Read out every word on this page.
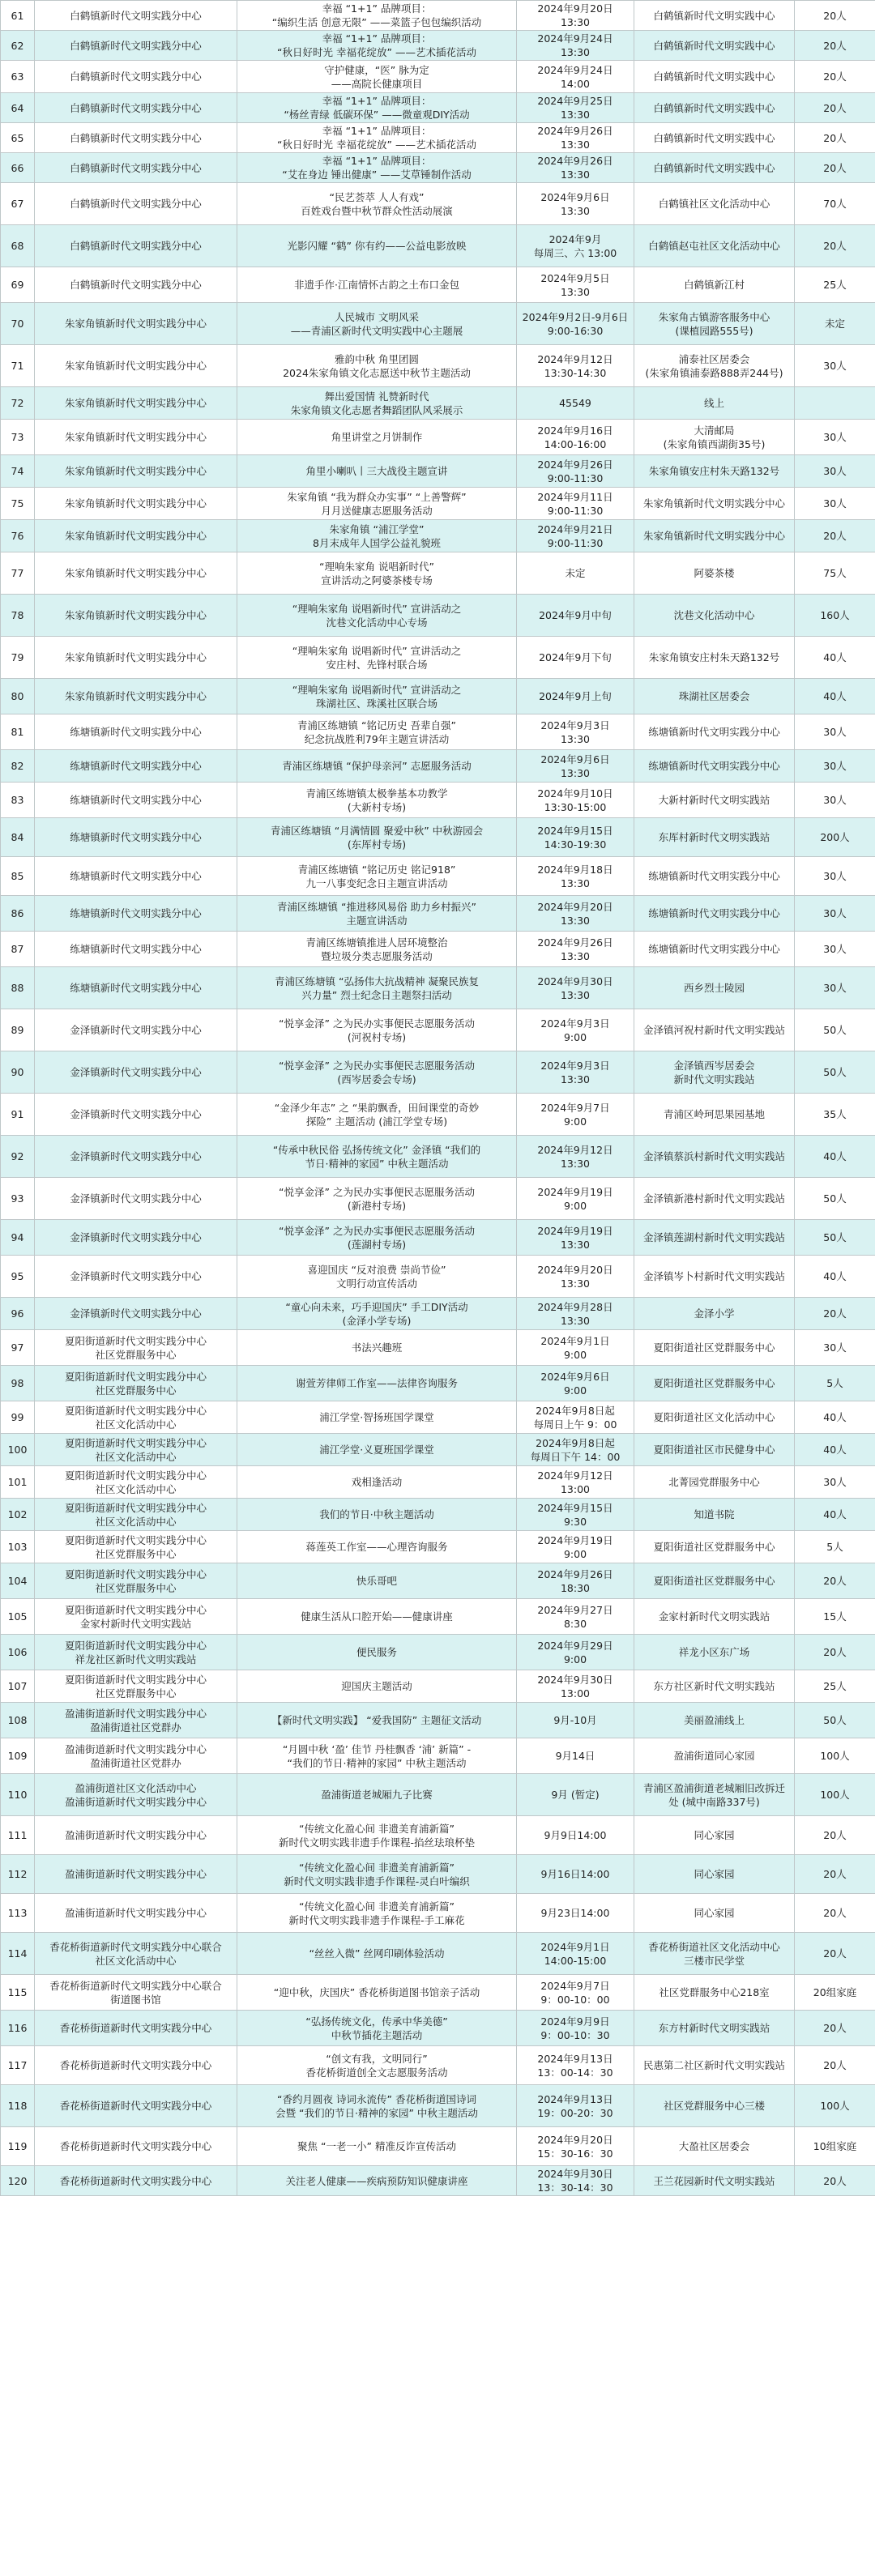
61	白鹤镇新时代文明实践分中心	幸福 “1+1” 品牌项目：
“编织生活 创意无限” ——菜篮子包包编织活动	2024年9月20日
13:30	白鹤镇新时代文明实践中心	20人
62	白鹤镇新时代文明实践分中心	幸福 “1+1” 品牌项目：
“秋日好时光 幸福花绽放” ——艺术插花活动	2024年9月24日
13:30	白鹤镇新时代文明实践中心	20人
63	白鹤镇新时代文明实践分中心	守护健康，“医” 脉为定
——高院长健康项目	2024年9月24日
14:00	白鹤镇新时代文明实践中心	20人
64	白鹤镇新时代文明实践分中心	幸福 “1+1” 品牌项目：
“杨丝青绿 低碳环保” ——微童观DIY活动	2024年9月25日
13:30	白鹤镇新时代文明实践中心	20人
65	白鹤镇新时代文明实践分中心	幸福 “1+1” 品牌项目：
“秋日好时光 幸福花绽放” ——艺术插花活动	2024年9月26日
13:30	白鹤镇新时代文明实践中心	20人
66	白鹤镇新时代文明实践分中心	幸福 “1+1” 品牌项目：
“艾在身边 锤出健康” ——艾草锤制作活动	2024年9月26日
13:30	白鹤镇新时代文明实践中心	20人
67	白鹤镇新时代文明实践分中心	“民艺荟萃 人人有戏”
百姓戏台暨中秋节群众性活动展演	2024年9月6日
13:30	白鹤镇社区文化活动中心	70人
68	白鹤镇新时代文明实践分中心	光影闪耀 “鹤” 你有约——公益电影放映	2024年9月
每周三、六 13:00	白鹤镇赵屯社区文化活动中心	20人
69	白鹤镇新时代文明实践分中心	非遗手作·江南情怀古韵之土布口金包	2024年9月5日
13:30	白鹤镇新江村	25人
70	朱家角镇新时代文明实践分中心	人民城市 文明风采
——青浦区新时代文明实践中心主题展	2024年9月2日-9月6日
9:00-16:30	朱家角古镇游客服务中心
(课植园路555号)	未定
71	朱家角镇新时代文明实践分中心	雅韵中秋 角里团圆
2024朱家角镇文化志愿送中秋节主题活动	2024年9月12日
13:30-14:30	浦泰社区居委会
(朱家角镇浦泰路888弄244号)	30人
72	朱家角镇新时代文明实践分中心	舞出爱国情 礼赞新时代
朱家角镇文化志愿者舞蹈团队风采展示	45549	线上	
73	朱家角镇新时代文明实践分中心	角里讲堂之月饼制作	2024年9月16日
14:00-16:00	大清邮局
(朱家角镇西湖街35号)	30人
74	朱家角镇新时代文明实践分中心	角里小喇叭丨三大战役主题宣讲	2024年9月26日
9:00-11:30	朱家角镇安庄村朱天路132号	30人
75	朱家角镇新时代文明实践分中心	朱家角镇 “我为群众办实事” “上善警辉”
月月送健康志愿服务活动	2024年9月11日
9:00-11:30	朱家角镇新时代文明实践分中心	30人
76	朱家角镇新时代文明实践分中心	朱家角镇 “浦江学堂”
8月末成年人国学公益礼貌班	2024年9月21日
9:00-11:30	朱家角镇新时代文明实践分中心	20人
77	朱家角镇新时代文明实践分中心	“理响朱家角 说唱新时代”
宣讲活动之阿婆茶楼专场	未定	阿婆茶楼	75人
78	朱家角镇新时代文明实践分中心	“理响朱家角 说唱新时代” 宣讲活动之
沈巷文化活动中心专场	2024年9月中旬	沈巷文化活动中心	160人
79	朱家角镇新时代文明实践分中心	“理响朱家角 说唱新时代” 宣讲活动之
安庄村、先锋村联合场	2024年9月下旬	朱家角镇安庄村朱天路132号	40人
80	朱家角镇新时代文明实践分中心	“理响朱家角 说唱新时代” 宣讲活动之
珠湖社区、珠溪社区联合场	2024年9月上旬	珠湖社区居委会	40人
81	练塘镇新时代文明实践分中心	青浦区练塘镇 “铭记历史 吾辈自强”
纪念抗战胜利79年主题宣讲活动	2024年9月3日
13:30	练塘镇新时代文明实践分中心	30人
82	练塘镇新时代文明实践分中心	青浦区练塘镇 “保护母亲河” 志愿服务活动	2024年9月6日
13:30	练塘镇新时代文明实践分中心	30人
83	练塘镇新时代文明实践分中心	青浦区练塘镇太极拳基本功教学
(大新村专场)	2024年9月10日
13:30-15:00	大新村新时代文明实践站	30人
84	练塘镇新时代文明实践分中心	青浦区练塘镇 “月满情圆 聚爱中秋” 中秋游园会
(东厍村专场)	2024年9月15日
14:30-19:30	东厍村新时代文明实践站	200人
85	练塘镇新时代文明实践分中心	青浦区练塘镇 “铭记历史 铭记918”
九一八事变纪念日主题宣讲活动	2024年9月18日
13:30	练塘镇新时代文明实践分中心	30人
86	练塘镇新时代文明实践分中心	青浦区练塘镇 “推进移风易俗 助力乡村振兴”
主题宣讲活动	2024年9月20日
13:30	练塘镇新时代文明实践分中心	30人
87	练塘镇新时代文明实践分中心	青浦区练塘镇推进人居环境整治
暨垃圾分类志愿服务活动	2024年9月26日
13:30	练塘镇新时代文明实践分中心	30人
88	练塘镇新时代文明实践分中心	青浦区练塘镇 “弘扬伟大抗战精神 凝聚民族复
兴力量” 烈士纪念日主题祭扫活动	2024年9月30日
13:30	西乡烈士陵园	30人
89	金泽镇新时代文明实践分中心	“悦享金泽” 之为民办实事便民志愿服务活动
(河祝村专场)	2024年9月3日
9:00	金泽镇河祝村新时代文明实践站	50人
90	金泽镇新时代文明实践分中心	“悦享金泽” 之为民办实事便民志愿服务活动
(西岑居委会专场)	2024年9月3日
13:30	金泽镇西岑居委会
新时代文明实践站	50人
91	金泽镇新时代文明实践分中心	“金泽少年志” 之 “果韵飘香，田间课堂的奇妙
探险” 主题活动 (浦江学堂专场)	2024年9月7日
9:00	青浦区岭珂思果园基地	35人
92	金泽镇新时代文明实践分中心	“传承中秋民俗 弘扬传统文化” 金泽镇 “我们的
节日·精神的家园” 中秋主题活动	2024年9月12日
13:30	金泽镇蔡浜村新时代文明实践站	40人
93	金泽镇新时代文明实践分中心	“悦享金泽” 之为民办实事便民志愿服务活动
(新港村专场)	2024年9月19日
9:00	金泽镇新港村新时代文明实践站	50人
94	金泽镇新时代文明实践分中心	“悦享金泽” 之为民办实事便民志愿服务活动
(莲湖村专场)	2024年9月19日
13:30	金泽镇莲湖村新时代文明实践站	50人
95	金泽镇新时代文明实践分中心	喜迎国庆 “反对浪费 崇尚节俭”
文明行动宣传活动	2024年9月20日
13:30	金泽镇岑卜村新时代文明实践站	40人
96	金泽镇新时代文明实践分中心	“童心向未来，巧手迎国庆” 手工DIY活动
(金泽小学专场)	2024年9月28日
13:30	金泽小学	20人
97	夏阳街道新时代文明实践分中心
社区党群服务中心	书法兴趣班	2024年9月1日
9:00	夏阳街道社区党群服务中心	30人
98	夏阳街道新时代文明实践分中心
社区党群服务中心	谢萱芳律师工作室——法律咨询服务	2024年9月6日
9:00	夏阳街道社区党群服务中心	5人
99	夏阳街道新时代文明实践分中心
社区文化活动中心	浦江学堂·智扬班国学课堂	2024年9月8日起
每周日上午 9：00	夏阳街道社区文化活动中心	40人
100	夏阳街道新时代文明实践分中心
社区文化活动中心	浦江学堂·义夏班国学课堂	2024年9月8日起
每周日下午 14：00	夏阳街道社区市民健身中心	40人
101	夏阳街道新时代文明实践分中心
社区文化活动中心	戏相逢活动	2024年9月12日
13:00	北菁园党群服务中心	30人
102	夏阳街道新时代文明实践分中心
社区文化活动中心	我们的节日·中秋主题活动	2024年9月15日
9:30	知道书院	40人
103	夏阳街道新时代文明实践分中心
社区党群服务中心	蒋莲英工作室——心理咨询服务	2024年9月19日
9:00	夏阳街道社区党群服务中心	5人
104	夏阳街道新时代文明实践分中心
社区党群服务中心	快乐哥吧	2024年9月26日
18:30	夏阳街道社区党群服务中心	20人
105	夏阳街道新时代文明实践分中心
金家村新时代文明实践站	健康生活从口腔开始——健康讲座	2024年9月27日
8:30	金家村新时代文明实践站	15人
106	夏阳街道新时代文明实践分中心
祥龙社区新时代文明实践站	便民服务	2024年9月29日
9:00	祥龙小区东广场	20人
107	夏阳街道新时代文明实践分中心
社区党群服务中心	迎国庆主题活动	2024年9月30日
13:00	东方社区新时代文明实践站	25人
108	盈浦街道新时代文明实践分中心
盈浦街道社区党群办	【新时代文明实践】 “爱我国防” 主题征文活动	9月-10月	美丽盈浦线上	50人
109	盈浦街道新时代文明实践分中心
盈浦街道社区党群办	“月圆中秋 ‘盈’ 佳节 丹桂飘香 ‘浦’ 新篇” -
“我们的节日·精神的家园” 中秋主题活动	9月14日	盈浦街道同心家园	100人
110	盈浦街道社区文化活动中心
盈浦街道新时代文明实践分中心	盈浦街道老城厢九子比赛	9月 (暂定)	青浦区盈浦街道老城厢旧改拆迁
处 (城中南路337号)	100人
111	盈浦街道新时代文明实践分中心	“传统文化盈心间 非遗美育浦新篇”
新时代文明实践非遗手作课程-掐丝珐琅杯垫	9月9日14:00	同心家园	20人
112	盈浦街道新时代文明实践分中心	“传统文化盈心间 非遗美育浦新篇”
新时代文明实践非遗手作课程-灵白叶编织	9月16日14:00	同心家园	20人
113	盈浦街道新时代文明实践分中心	“传统文化盈心间 非遗美育浦新篇”
新时代文明实践非遗手作课程-手工麻花	9月23日14:00	同心家园	20人
114	香花桥街道新时代文明实践分中心联合
社区文化活动中心	“丝丝入微” 丝网印刷体验活动	2024年9月1日
14:00-15:00	香花桥街道社区文化活动中心
三楼市民学堂	20人
115	香花桥街道新时代文明实践分中心联合
街道图书馆	“迎中秋，庆国庆” 香花桥街道图书馆亲子活动	2024年9月7日
9：00-10：00	社区党群服务中心218室	20组家庭
116	香花桥街道新时代文明实践分中心	“弘扬传统文化，传承中华美德”
中秋节插花主题活动	2024年9月9日
9：00-10：30	东方村新时代文明实践站	20人
117	香花桥街道新时代文明实践分中心	“创文有我，文明同行”
香花桥街道创全文志愿服务活动	2024年9月13日
13：00-14：30	民惠第二社区新时代文明实践站	20人
118	香花桥街道新时代文明实践分中心	“香约月圆夜 诗词永流传” 香花桥街道国诗词
会暨 “我们的节日·精神的家园” 中秋主题活动	2024年9月13日
19：00-20：30	社区党群服务中心三楼	100人
119	香花桥街道新时代文明实践分中心	聚焦 “一老一小” 精准反诈宣传活动	2024年9月20日
15：30-16：30	大盈社区居委会	10组家庭
120	香花桥街道新时代文明实践分中心	关注老人健康——疾病预防知识健康讲座	2024年9月30日
13：30-14：30	王兰花园新时代文明实践站	20人
